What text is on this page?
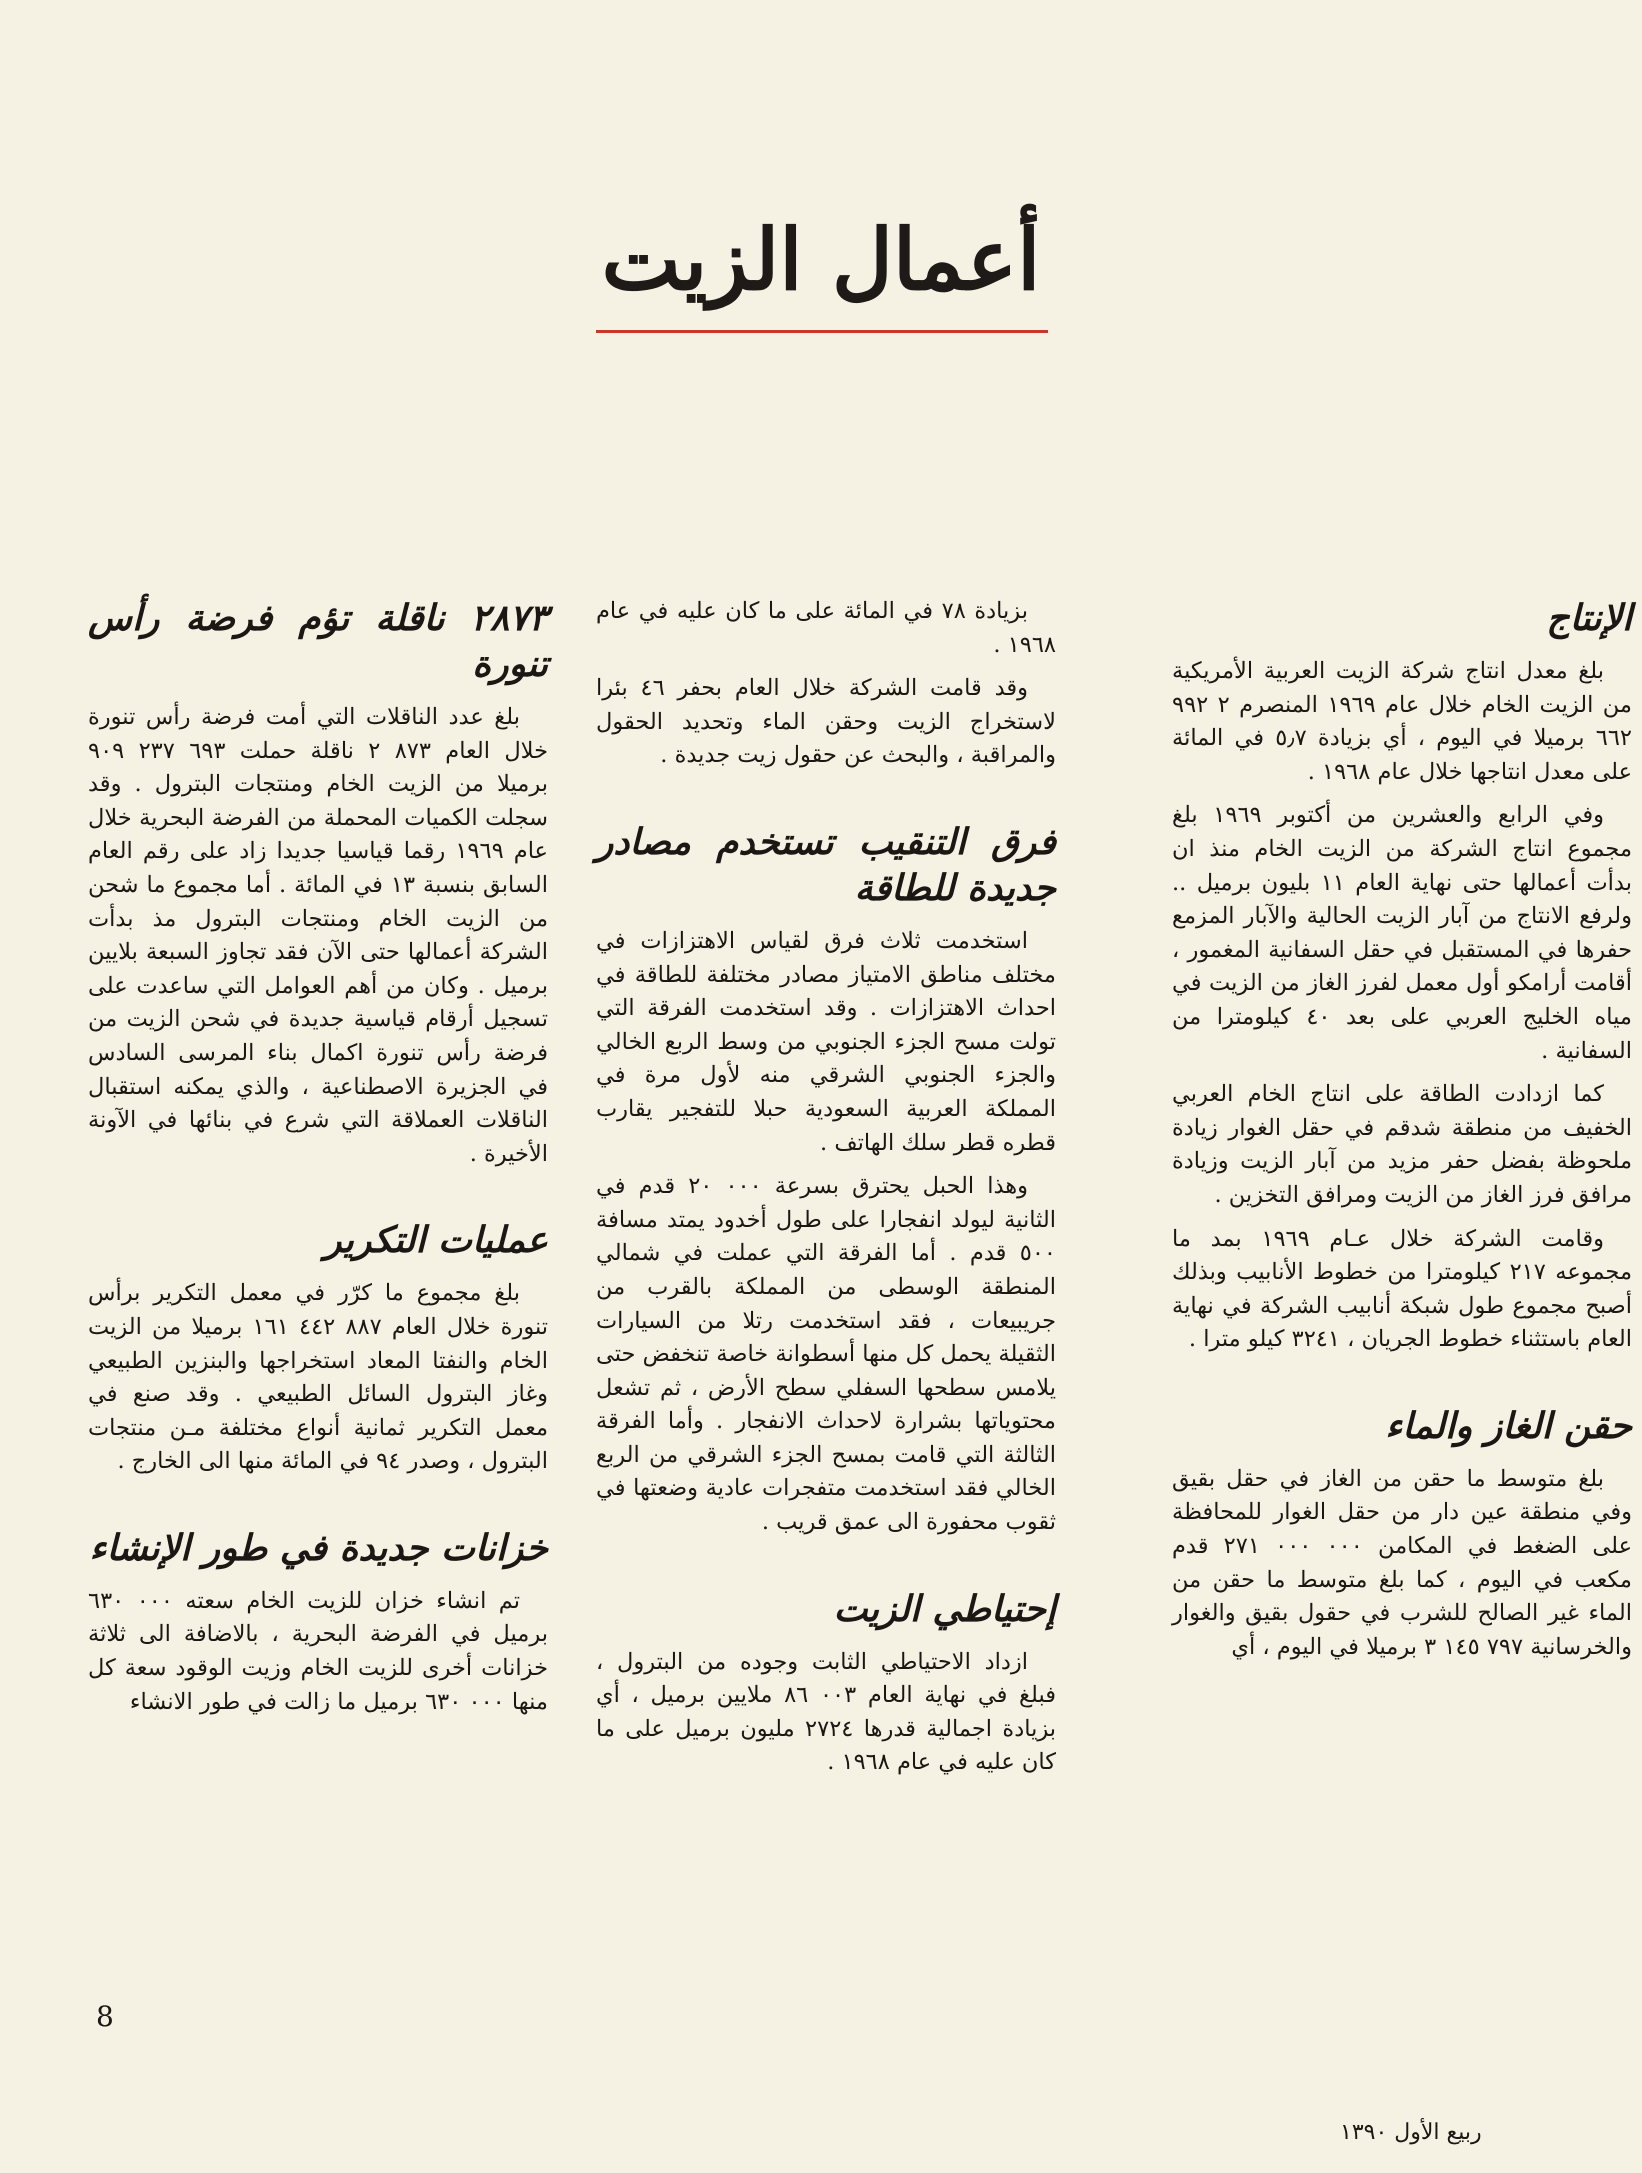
أعمال الزيت
الإنتاج

بلغ معدل انتاج شركة الزيت العربية الأمريكية من الزيت الخام خلال عام ١٩٦٩ المنصرم ٢ ٩٩٢ ٦٦٢ برميلا في اليوم ، أي بزيادة ٥٫٧ في المائة على معدل انتاجها خلال عام ١٩٦٨ .

وفي الرابع والعشرين من أكتوبر ١٩٦٩ بلغ مجموع انتاج الشركة من الزيت الخام منذ ان بدأت أعمالها حتى نهاية العام ١١ بليون برميل .. ولرفع الانتاج من آبار الزيت الحالية والآبار المزمع حفرها في المستقبل في حقل السفانية المغمور ، أقامت أرامكو أول معمل لفرز الغاز من الزيت في مياه الخليج العربي على بعد ٤٠ كيلومترا من السفانية .

كما ازدادت الطاقة على انتاج الخام العربي الخفيف من منطقة شدقم في حقل الغوار زيادة ملحوظة بفضل حفر مزيد من آبار الزيت وزيادة مرافق فرز الغاز من الزيت ومرافق التخزين .

وقامت الشركة خلال عـام ١٩٦٩ بمد ما مجموعه ٢١٧ كيلومترا من خطوط الأنابيب وبذلك أصبح مجموع طول شبكة أنابيب الشركة في نهاية العام باستثناء خطوط الجريان ، ٣٢٤١ كيلو مترا .

حقن الغاز والماء

بلغ متوسط ما حقن من الغاز في حقل بقيق وفي منطقة عين دار من حقل الغوار للمحافظة على الضغط في المكامن ٠٠٠ ٠٠٠ ٢٧١ قدم مكعب في اليوم ، كما بلغ متوسط ما حقن من الماء غير الصالح للشرب في حقول بقيق والغوار والخرسانية ٧٩٧ ١٤٥ ٣ برميلا في اليوم ، أي

بزيادة ٧٨ في المائة على ما كان عليه في عام ١٩٦٨ .

وقد قامت الشركة خلال العام بحفر ٤٦ بئرا لاستخراج الزيت وحقن الماء وتحديد الحقول والمراقبة ، والبحث عن حقول زيت جديدة .

فرق التنقيب تستخدم مصادر جديدة للطاقة

استخدمت ثلاث فرق لقياس الاهتزازات في مختلف مناطق الامتياز مصادر مختلفة للطاقة في احداث الاهتزازات . وقد استخدمت الفرقة التي تولت مسح الجزء الجنوبي من وسط الربع الخالي والجزء الجنوبي الشرقي منه لأول مرة في المملكة العربية السعودية حبلا للتفجير يقارب قطره قطر سلك الهاتف .

وهذا الحبل يحترق بسرعة ٠٠٠ ٢٠ قدم في الثانية ليولد انفجارا على طول أخدود يمتد مسافة ٥٠٠ قدم . أما الفرقة التي عملت في شمالي المنطقة الوسطى من المملكة بالقرب من جريبيعات ، فقد استخدمت رتلا من السيارات الثقيلة يحمل كل منها أسطوانة خاصة تنخفض حتى يلامس سطحها السفلي سطح الأرض ، ثم تشعل محتوياتها بشرارة لاحداث الانفجار . وأما الفرقة الثالثة التي قامت بمسح الجزء الشرقي من الربع الخالي فقد استخدمت متفجرات عادية وضعتها في ثقوب محفورة الى عمق قريب .

إحتياطي الزيت

ازداد الاحتياطي الثابت وجوده من البترول ، فبلغ في نهاية العام ٠٠٣ ٨٦ ملايين برميل ، أي بزيادة اجمالية قدرها ٢٧٢٤ مليون برميل على ما كان عليه في عام ١٩٦٨ .

٢٨٧٣ ناقلة تؤم فرضة رأس تنورة

بلغ عدد الناقلات التي أمت فرضة رأس تنورة خلال العام ٨٧٣ ٢ ناقلة حملت ٦٩٣ ٢٣٧ ٩٠٩ برميلا من الزيت الخام ومنتجات البترول . وقد سجلت الكميات المحملة من الفرضة البحرية خلال عام ١٩٦٩ رقما قياسيا جديدا زاد على رقم العام السابق بنسبة ١٣ في المائة . أما مجموع ما شحن من الزيت الخام ومنتجات البترول مذ بدأت الشركة أعمالها حتى الآن فقد تجاوز السبعة بلايين برميل . وكان من أهم العوامل التي ساعدت على تسجيل أرقام قياسية جديدة في شحن الزيت من فرضة رأس تنورة اكمال بناء المرسى السادس في الجزيرة الاصطناعية ، والذي يمكنه استقبال الناقلات العملاقة التي شرع في بنائها في الآونة الأخيرة .

عمليات التكرير

بلغ مجموع ما كرّر في معمل التكرير برأس تنورة خلال العام ٨٨٧ ٤٤٢ ١٦١ برميلا من الزيت الخام والنفتا المعاد استخراجها والبنزين الطبيعي وغاز البترول السائل الطبيعي . وقد صنع في معمل التكرير ثمانية أنواع مختلفة مـن منتجات البترول ، وصدر ٩٤ في المائة منها الى الخارج .

خزانات جديدة في طور الإنشاء

تم انشاء خزان للزيت الخام سعته ٠٠٠ ٦٣٠ برميل في الفرضة البحرية ، بالاضافة الى ثلاثة خزانات أخرى للزيت الخام وزيت الوقود سعة كل منها ٠٠٠ ٦٣٠ برميل ما زالت في طور الانشاء

8
ربيع الأول ١٣٩٠
